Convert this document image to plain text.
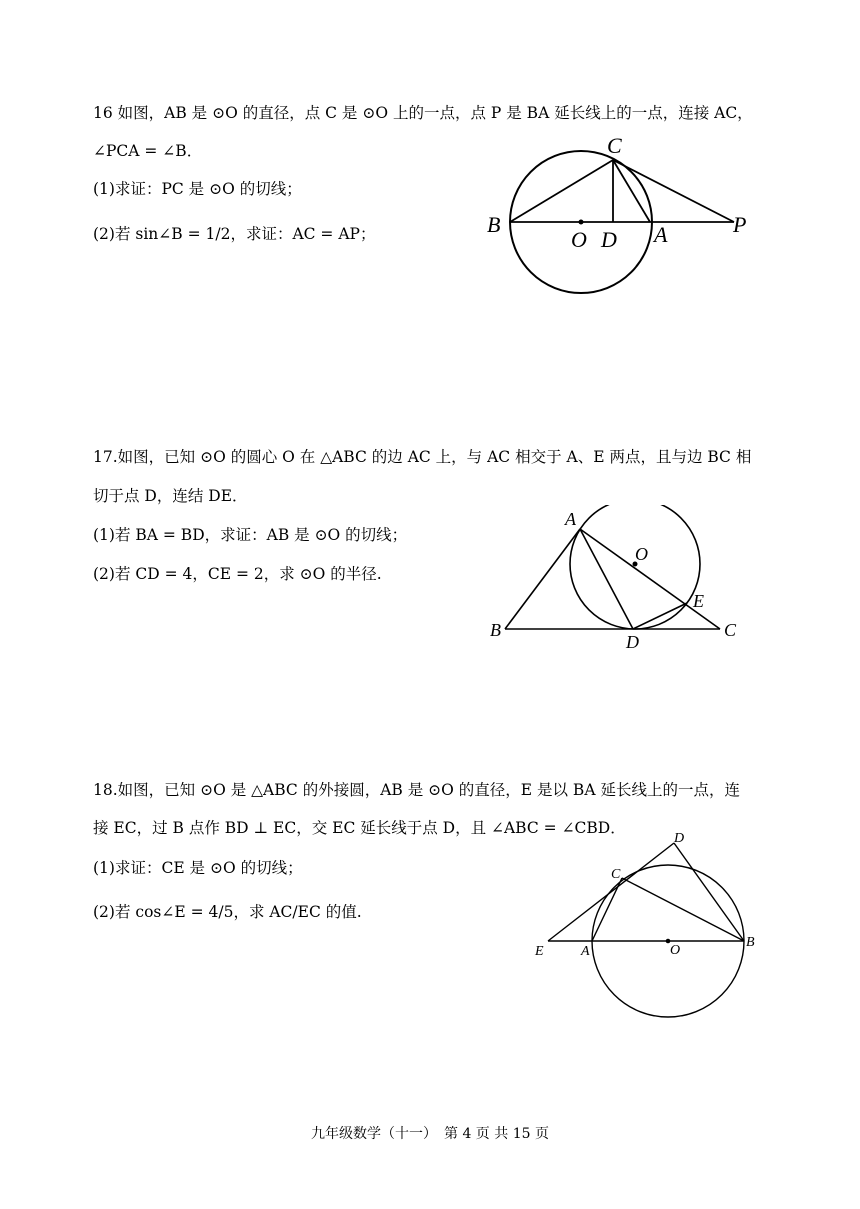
16 如图，AB 是 ⊙O 的直径，点 C 是 ⊙O 上的一点，点 P 是 BA 延长线上的一点，连接 AC，
∠PCA = ∠B．
(1)求证：PC 是 ⊙O 的切线；
(2)若 sin∠B = 1/2，求证：AC = AP；
C
B
O D A	P
17.如图，已知 ⊙O 的圆心 O 在 △ABC 的边 AC 上，与 AC 相交于 A、E 两点，且与边 BC 相
切于点 D，连结 DE．
(1)若 BA = BD，求证：AB 是 ⊙O 的切线；
(2)若 CD = 4，CE = 2，求 ⊙O 的半径.
A
O
E
B
D
C
18.如图，已知 ⊙O 是 △ABC 的外接圆，AB 是 ⊙O 的直径，E 是以 BA 延长线上的一点，连
接 EC，过 B 点作 BD ⊥ EC，交 EC 延长线于点 D，且 ∠ABC = ∠CBD．
(1)求证：CE 是 ⊙O 的切线；
(2)若 cos∠E = 4/5，求 AC/EC 的值.
D
C
E	A	O
B
九年级数学（十一）　第 4 页 共 15 页
